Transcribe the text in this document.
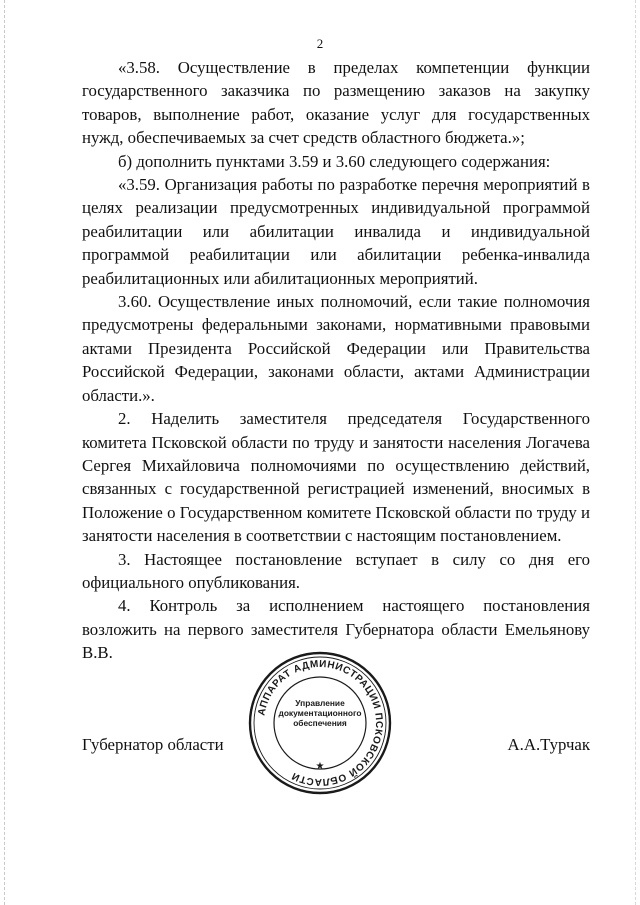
2

«3.58. Осуществление в пределах компетенции функции государственного заказчика по размещению заказов на закупку товаров, выполнение работ, оказание услуг для государственных нужд, обеспечиваемых за счет средств областного бюджета.»;

б) дополнить пунктами 3.59 и 3.60 следующего содержания:

«3.59. Организация работы по разработке перечня мероприятий в целях реализации предусмотренных индивидуальной программой реабилитации или абилитации инвалида и индивидуальной программой реабилитации или абилитации ребенка-инвалида реабилитационных или абилитационных мероприятий.

3.60. Осуществление иных полномочий, если такие полномочия предусмотрены федеральными законами, нормативными правовыми актами Президента Российской Федерации или Правительства Российской Федерации, законами области, актами Администрации области.».

2. Наделить заместителя председателя Государственного комитета Псковской области по труду и занятости населения Логачева Сергея Михайловича полномочиями по осуществлению действий, связанных с государственной регистрацией изменений, вносимых в Положение о Государственном комитете Псковской области по труду и занятости населения в соответствии с настоящим постановлением.

3. Настоящее постановление вступает в силу со дня его официального опубликования.

4. Контроль за исполнением настоящего постановления возложить на первого заместителя Губернатора области Емельянову В.В.

Губернатор области	А.А.Турчак
АППАРАТ АДМИНИСТРАЦИИ ПСКОВСКОЙ ОБЛАСТИ
Управление
документационного
обеспечения
★
